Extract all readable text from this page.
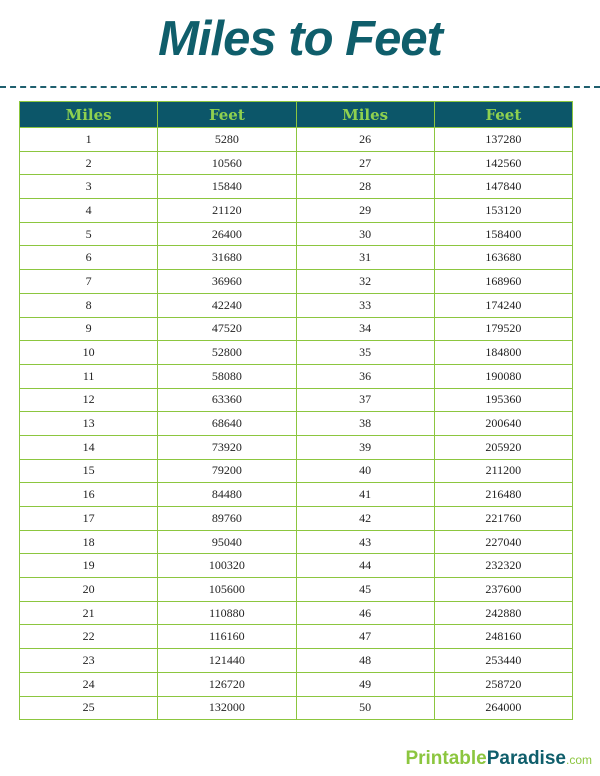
Miles to Feet
Miles	Feet	Miles	Feet
1	5280	26	137280
2	10560	27	142560
3	15840	28	147840
4	21120	29	153120
5	26400	30	158400
6	31680	31	163680
7	36960	32	168960
8	42240	33	174240
9	47520	34	179520
10	52800	35	184800
11	58080	36	190080
12	63360	37	195360
13	68640	38	200640
14	73920	39	205920
15	79200	40	211200
16	84480	41	216480
17	89760	42	221760
18	95040	43	227040
19	100320	44	232320
20	105600	45	237600
21	110880	46	242880
22	116160	47	248160
23	121440	48	253440
24	126720	49	258720
25	132000	50	264000
PrintableParadise.com
